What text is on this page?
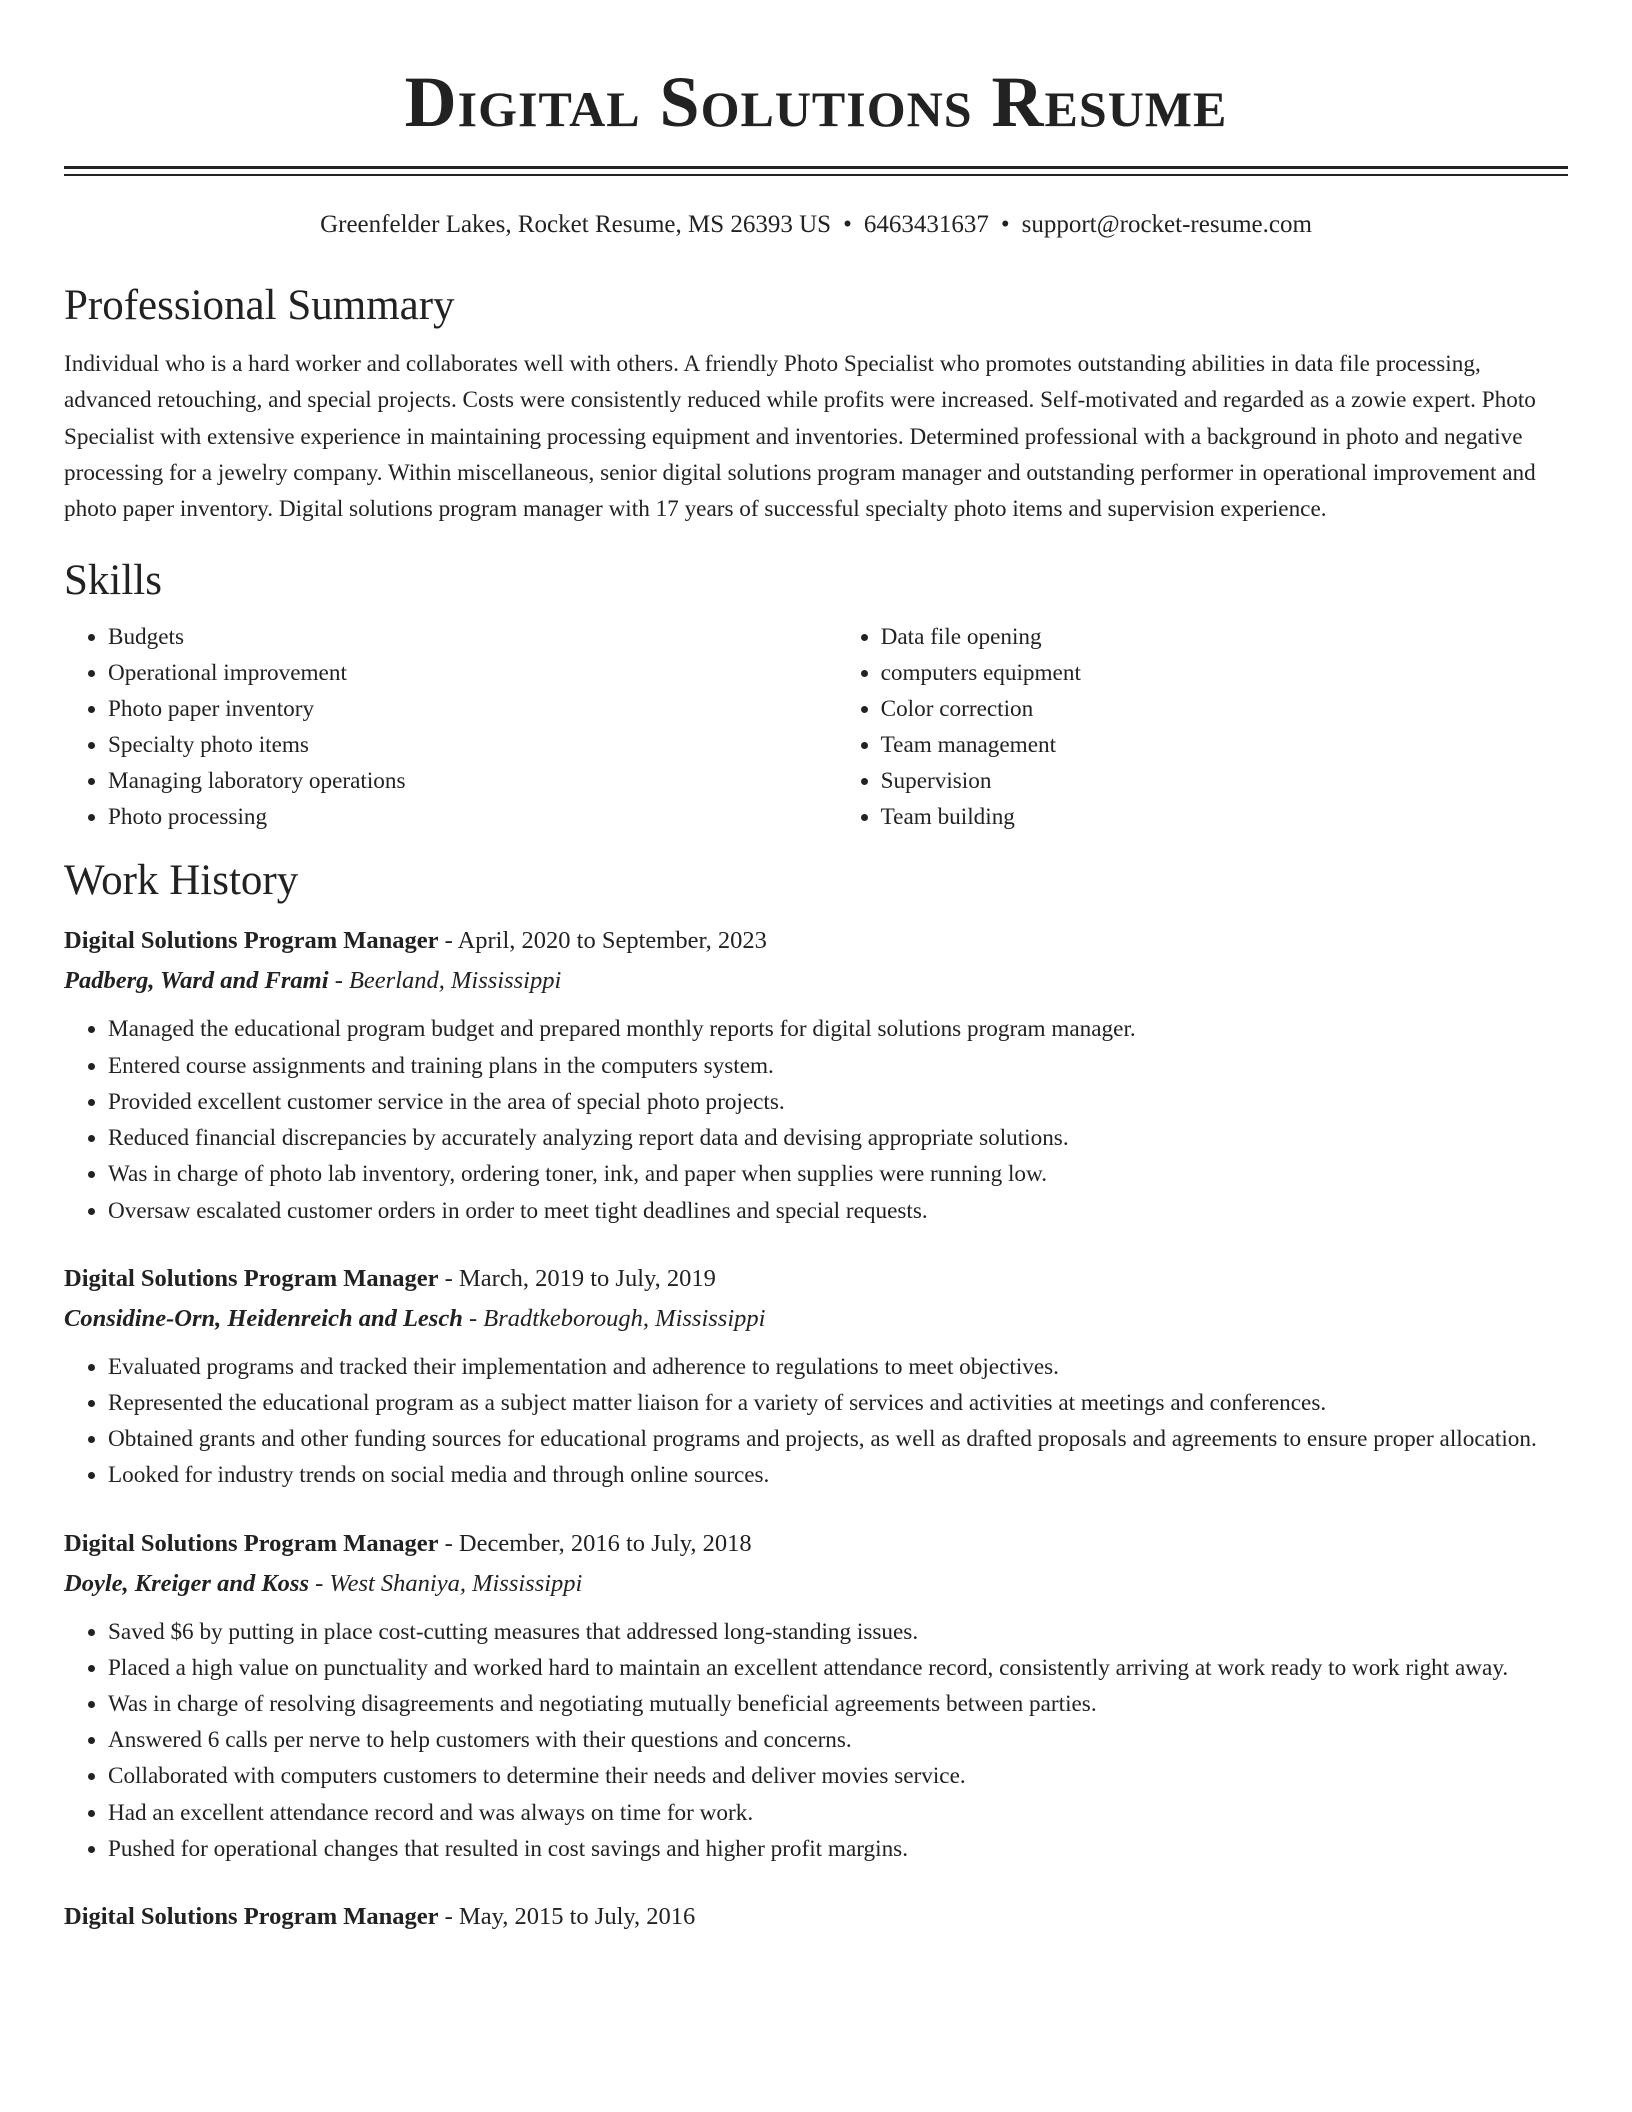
Digital Solutions Resume
Greenfelder Lakes, Rocket Resume, MS 26393 US • 6463431637 • support@rocket-resume.com
Professional Summary

Individual who is a hard worker and collaborates well with others. A friendly Photo Specialist who promotes outstanding abilities in data file processing, advanced retouching, and special projects. Costs were consistently reduced while profits were increased. Self-motivated and regarded as a zowie expert. Photo Specialist with extensive experience in maintaining processing equipment and inventories. Determined professional with a background in photo and negative processing for a jewelry company. Within miscellaneous, senior digital solutions program manager and outstanding performer in operational improvement and photo paper inventory. Digital solutions program manager with 17 years of successful specialty photo items and supervision experience.

Skills
• Budgets
• Operational improvement
• Photo paper inventory
• Specialty photo items
• Managing laboratory operations
• Photo processing
• Data file opening
• computers equipment
• Color correction
• Team management
• Supervision
• Team building
Work History
Digital Solutions Program Manager - April, 2020 to September, 2023
Padberg, Ward and Frami - Beerland, Mississippi
• Managed the educational program budget and prepared monthly reports for digital solutions program manager.
• Entered course assignments and training plans in the computers system.
• Provided excellent customer service in the area of special photo projects.
• Reduced financial discrepancies by accurately analyzing report data and devising appropriate solutions.
• Was in charge of photo lab inventory, ordering toner, ink, and paper when supplies were running low.
• Oversaw escalated customer orders in order to meet tight deadlines and special requests.
Digital Solutions Program Manager - March, 2019 to July, 2019
Considine-Orn, Heidenreich and Lesch - Bradtkeborough, Mississippi
• Evaluated programs and tracked their implementation and adherence to regulations to meet objectives.
• Represented the educational program as a subject matter liaison for a variety of services and activities at meetings and conferences.
• Obtained grants and other funding sources for educational programs and projects, as well as drafted proposals and agreements to ensure proper allocation.
• Looked for industry trends on social media and through online sources.
Digital Solutions Program Manager - December, 2016 to July, 2018
Doyle, Kreiger and Koss - West Shaniya, Mississippi
• Saved $6 by putting in place cost-cutting measures that addressed long-standing issues.
• Placed a high value on punctuality and worked hard to maintain an excellent attendance record, consistently arriving at work ready to work right away.
• Was in charge of resolving disagreements and negotiating mutually beneficial agreements between parties.
• Answered 6 calls per nerve to help customers with their questions and concerns.
• Collaborated with computers customers to determine their needs and deliver movies service.
• Had an excellent attendance record and was always on time for work.
• Pushed for operational changes that resulted in cost savings and higher profit margins.
Digital Solutions Program Manager - May, 2015 to July, 2016
